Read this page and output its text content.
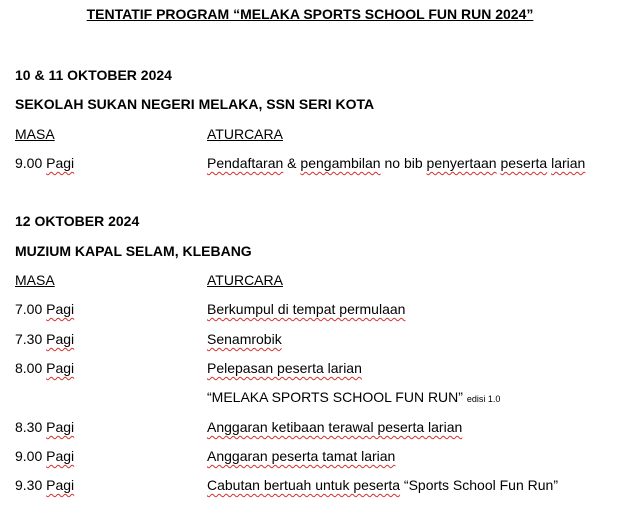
TENTATIF PROGRAM “MELAKA SPORTS SCHOOL FUN RUN 2024”
10 & 11 OKTOBER 2024
SEKOLAH SUKAN NEGERI MELAKA, SSN SERI KOTA
MASA	ATURCARA
9.00 Pagi	Pendaftaran & pengambilan no bib penyertaan peserta larian
12 OKTOBER 2024
MUZIUM KAPAL SELAM, KLEBANG
MASA	ATURCARA
7.00 Pagi	Berkumpul di tempat permulaan
7.30 Pagi	Senamrobik
8.00 Pagi	Pelepasan peserta larian
“MELAKA SPORTS SCHOOL FUN RUN” edisi 1.0
8.30 Pagi	Anggaran ketibaan terawal peserta larian
9.00 Pagi	Anggaran peserta tamat larian
9.30 Pagi	Cabutan bertuah untuk peserta “Sports School Fun Run”
